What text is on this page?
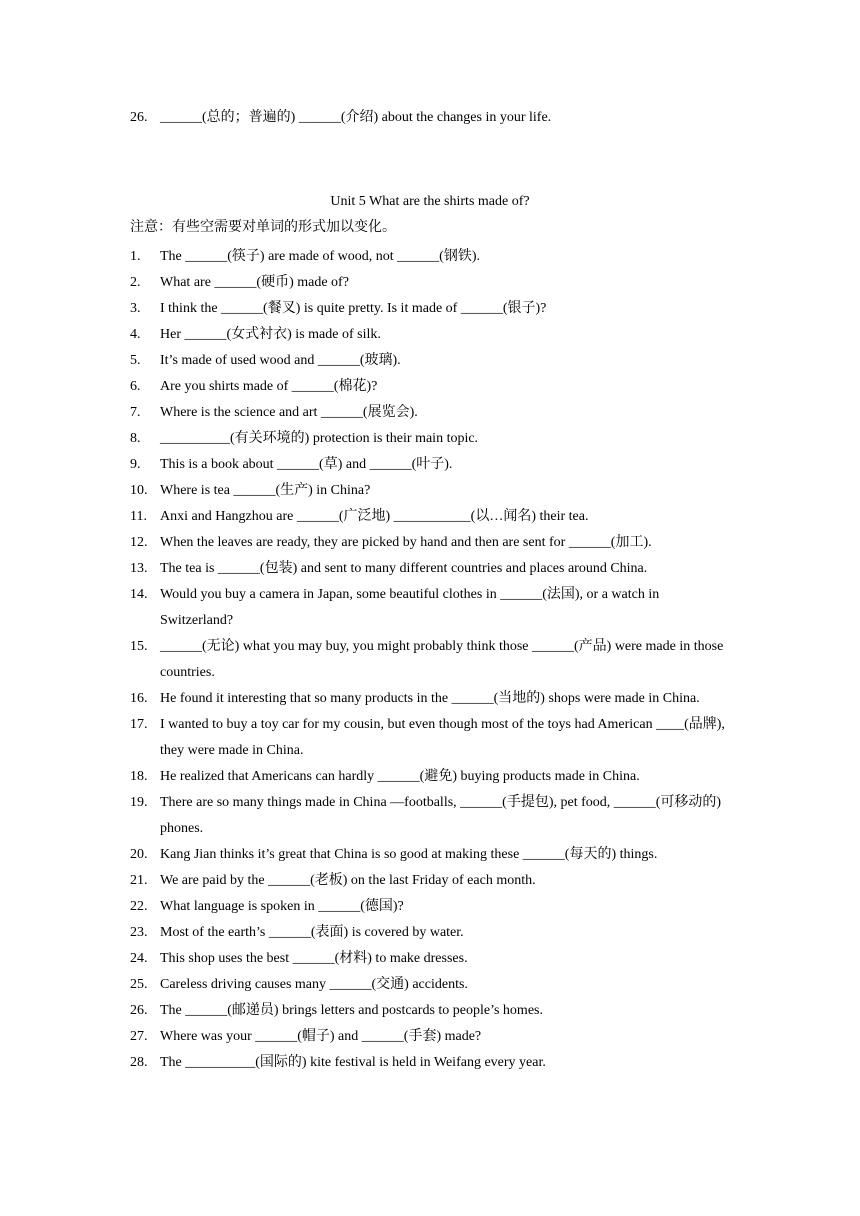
26. ______(总的；普遍的) ______(介绍) about the changes in your life.
Unit 5 What are the shirts made of?
注意：有些空需要对单词的形式加以变化。
1.	The ______(筷子) are made of wood, not ______(钢铁).
2.	What are ______(硬币) made of?
3.	I think the ______(餐叉) is quite pretty. Is it made of ______(银子)?
4.	Her ______(女式衬衣) is made of silk.
5.	It’s made of used wood and ______(玻璃).
6.	Are you shirts made of ______(棉花)?
7.	Where is the science and art ______(展览会).
8.	__________(有关环境的) protection is their main topic.
9.	This is a book about ______(草) and ______(叶子).
10. Where is tea ______(生产) in China?
11. Anxi and Hangzhou are ______(广泛地) ___________(以…闻名) their tea.
12. When the leaves are ready, they are picked by hand and then are sent for ______(加工).
13. The tea is ______(包装) and sent to many different countries and places around China.
14. Would you buy a camera in Japan, some beautiful clothes in ______(法国), or a watch in Switzerland?
15. ______(无论) what you may buy, you might probably think those ______(产品) were made in those countries.
16. He found it interesting that so many products in the ______(当地的) shops were made in China.
17. I wanted to buy a toy car for my cousin, but even though most of the toys had American ____(品牌), they were made in China.
18. He realized that Americans can hardly ______(避免) buying products made in China.
19. There are so many things made in China —footballs, ______(手提包), pet food, ______(可移动的) phones.
20. Kang Jian thinks it’s great that China is so good at making these ______(每天的) things.
21. We are paid by the ______(老板) on the last Friday of each month.
22. What language is spoken in ______(德国)?
23. Most of the earth’s ______(表面) is covered by water.
24. This shop uses the best ______(材料) to make dresses.
25. Careless driving causes many ______(交通) accidents.
26. The ______(邮递员) brings letters and postcards to people’s homes.
27. Where was your ______(帽子) and ______(手套) made?
28. The __________(国际的) kite festival is held in Weifang every year.
